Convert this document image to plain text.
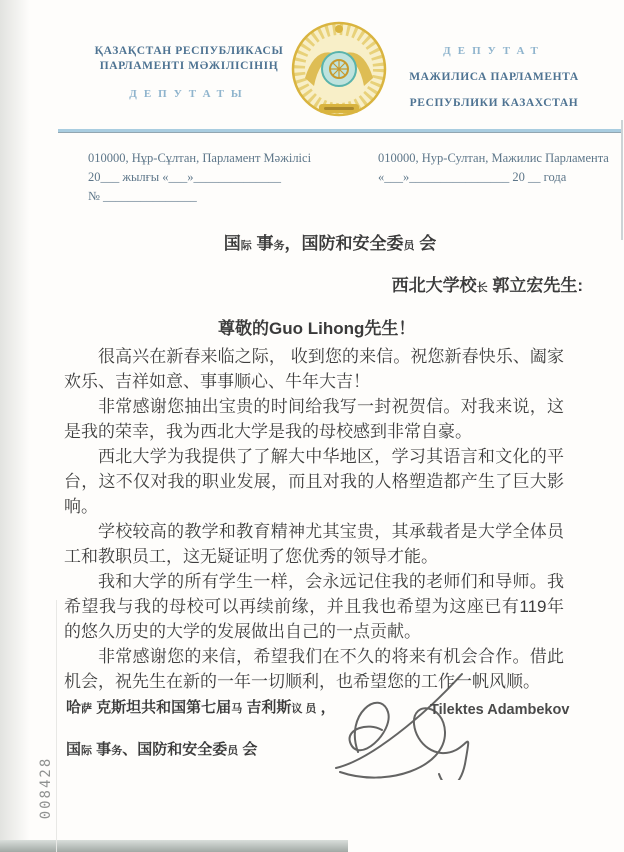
ҚАЗАҚСТАН РЕСПУБЛИКАСЫ
ПАРЛАМЕНТІ МӘЖІЛІСІНІҢ
ДЕПУТАТЫ
ДЕПУТАТ
МАЖИЛИСА ПАРЛАМЕНТА
РЕСПУБЛИКИ КАЗАХСТАН
010000, Нұр-Сұлтан, Парламент Мәжілісі
20___ жылғы «___»______________
№ _______________
010000, Нур-Султан, Мажилис Парламента
«___»________________ 20 __ года
国际 事务，国防和安全委员 会
西北大学校长 郭立宏先生:
尊敬的Guo Lihong先生！

很高兴在新春来临之际， 收到您的来信。祝您新春快乐、阖家欢乐、吉祥如意、事事顺心、牛年大吉！

非常感谢您抽出宝贵的时间给我写一封祝贺信。对我来说，这是我的荣幸，我为西北大学是我的母校感到非常自豪。

西北大学为我提供了了解大中华地区，学习其语言和文化的平台，这不仅对我的职业发展，而且对我的人格塑造都产生了巨大影响。

学校较高的教学和教育精神尤其宝贵，其承载者是大学全体员工和教职员工，这无疑证明了您优秀的领导才能。

我和大学的所有学生一样，会永远记住我的老师们和导师。我希望我与我的母校可以再续前缘，并且我也希望为这座已有119年的悠久历史的大学的发展做出自己的一点贡献。

非常感谢您的来信，希望我们在不久的将来有机会合作。借此机会，祝先生在新的一年一切顺利，也希望您的工作一帆风顺。

哈萨 克斯坦共和国第七届马 吉利斯议 员 ，	Tilektes Adambekov
国际 事务、国防和安全委员 会
008428
